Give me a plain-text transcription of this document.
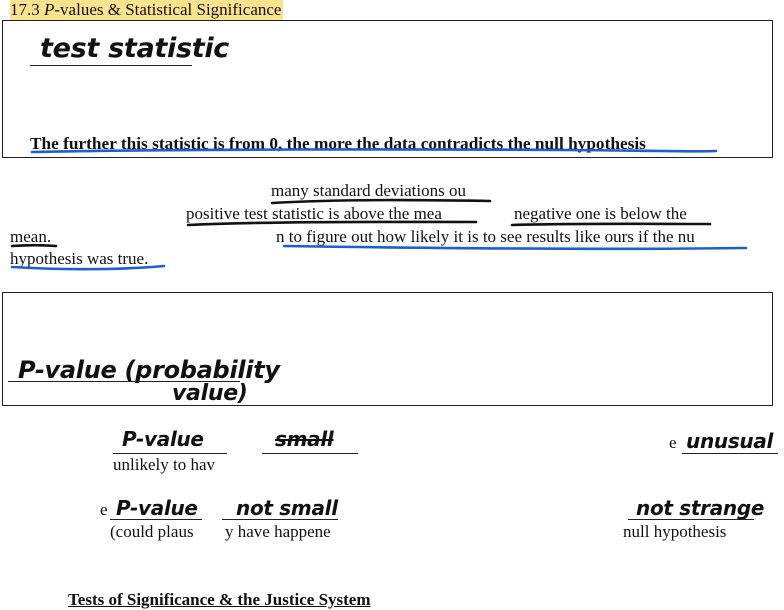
17.3 P-values & Statistical Significance
test statistic
The further this statistic is from 0, the more the data contradicts the null hypothesis
many standard deviations ou
positive test statistic is above the mea	negative one is below the
mean.	n to figure out how likely it is to see results like ours if the nu
hypothesis was true.
P-value (probability
value)
P-value	small
unlikely to hav
e unusual
e P-value not small
(could plaus y have happene
not strange
null hypothesis
Tests of Significance & the Justice System
